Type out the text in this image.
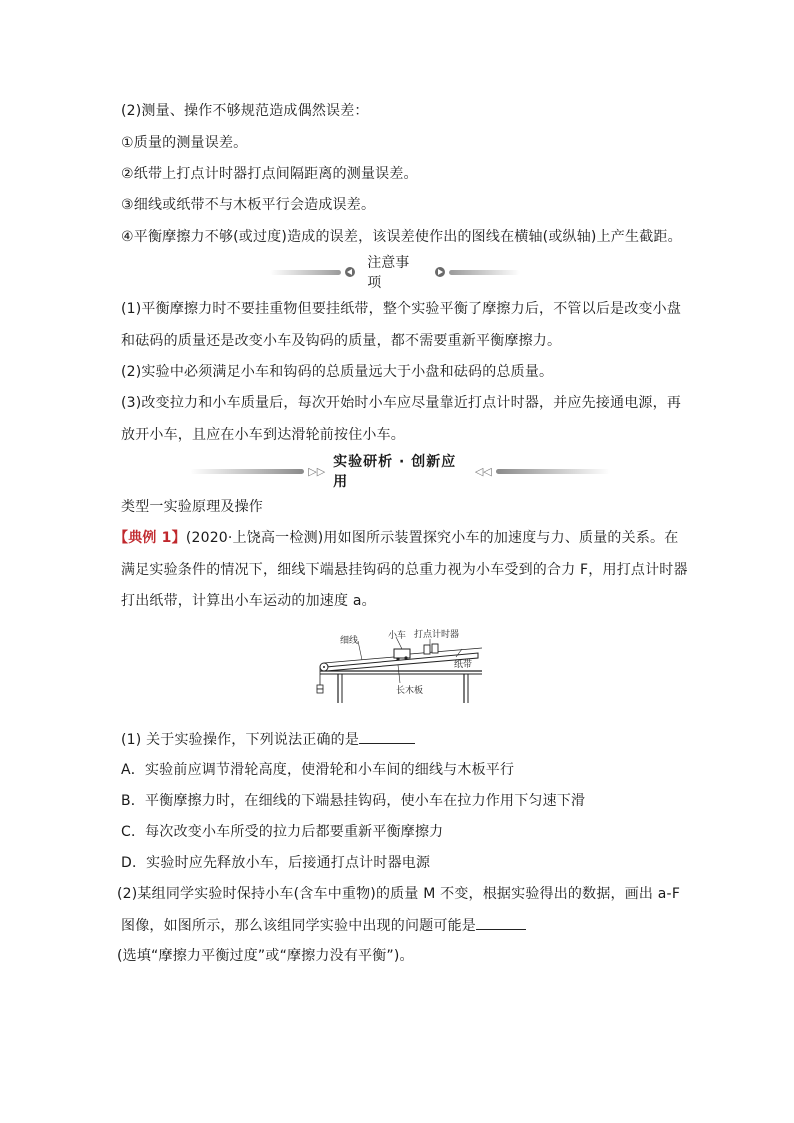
(2)测量、操作不够规范造成偶然误差：
①质量的测量误差。
②纸带上打点计时器打点间隔距离的测量误差。
③细线或纸带不与木板平行会造成误差。
④平衡摩擦力不够(或过度)造成的误差，该误差使作出的图线在横轴(或纵轴)上产生截距。
注意事项
(1)平衡摩擦力时不要挂重物但要挂纸带，整个实验平衡了摩擦力后，不管以后是改变小盘
和砝码的质量还是改变小车及钩码的质量，都不需要重新平衡摩擦力。
(2)实验中必须满足小车和钩码的总质量远大于小盘和砝码的总质量。
(3)改变拉力和小车质量后，每次开始时小车应尽量靠近打点计时器，并应先接通电源，再
放开小车，且应在小车到达滑轮前按住小车。
▷▷
实验研析 · 创新应用
◁◁
类型一实验原理及操作
【典例 1】(2020·上饶高一检测)用如图所示装置探究小车的加速度与力、质量的关系。在
满足实验条件的情况下，细线下端悬挂钩码的总重力视为小车受到的合力 F，用打点计时器
打出纸带，计算出小车运动的加速度 a。
细线	小车 打点计时器
纸带
长木板
(1) 关于实验操作，下列说法正确的是
A．实验前应调节滑轮高度，使滑轮和小车间的细线与木板平行
B．平衡摩擦力时，在细线的下端悬挂钩码，使小车在拉力作用下匀速下滑
C．每次改变小车所受的拉力后都要重新平衡摩擦力
D．实验时应先释放小车，后接通打点计时器电源
(2)某组同学实验时保持小车(含车中重物)的质量 M 不变，根据实验得出的数据，画出 a-F
图像，如图所示，那么该组同学实验中出现的问题可能是
(选填“摩擦力平衡过度”或“摩擦力没有平衡”)。
